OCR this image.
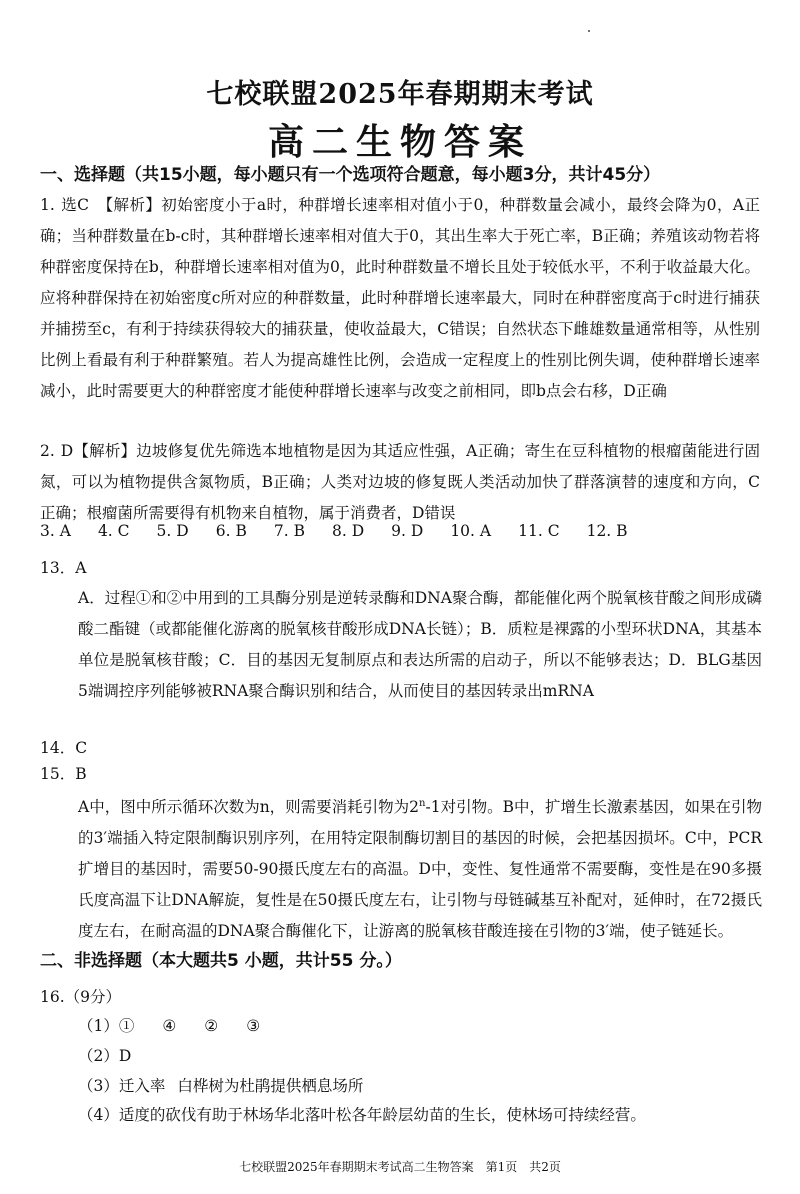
七校联盟2025年春期期末考试
高二生物答案
一、选择题（共15小题，每小题只有一个选项符合题意，每小题3分，共计45分）
1. 选C　【解析】初始密度小于a时，种群增长速率相对值小于0，种群数量会减小，最终会降为0，A正确；当种群数量在b-c时，其种群增长速率相对值大于0，其出生率大于死亡率，B正确；养殖该动物若将种群密度保持在b，种群增长速率相对值为0，此时种群数量不增长且处于较低水平，不利于收益最大化。应将种群保持在初始密度c所对应的种群数量，此时种群增长速率最大，同时在种群密度高于c时进行捕获并捕捞至c，有利于持续获得较大的捕获量，使收益最大，C错误；自然状态下雌雄数量通常相等，从性别比例上看最有利于种群繁殖。若人为提高雄性比例，会造成一定程度上的性别比例失调，使种群增长速率减小，此时需要更大的种群密度才能使种群增长速率与改变之前相同，即b点会右移，D正确
2. D【解析】边坡修复优先筛选本地植物是因为其适应性强，A正确；寄生在豆科植物的根瘤菌能进行固氮，可以为植物提供含氮物质，B正确；人类对边坡的修复既人类活动加快了群落演替的速度和方向，C正确；根瘤菌所需要得有机物来自植物，属于消费者，D错误
3. A 4. C 5. D 6. B 7. B 8. D 9. D 10. A 11. C 12. B
13．A
A．过程①和②中用到的工具酶分别是逆转录酶和DNA聚合酶，都能催化两个脱氧核苷酸之间形成磷酸二酯键（或都能催化游离的脱氧核苷酸形成DNA长链）；B．质粒是裸露的小型环状DNA，其基本单位是脱氧核苷酸；C．目的基因无复制原点和表达所需的启动子，所以不能够表达；D．BLG基因5端调控序列能够被RNA聚合酶识别和结合，从而使目的基因转录出mRNA
14．C
15．B
A中，图中所示循环次数为n，则需要消耗引物为2$^n$-1对引物。B中，扩增生长激素基因，如果在引物的3′端插入特定限制酶识别序列，在用特定限制酶切割目的基因的时候，会把基因损坏。C中，PCR扩增目的基因时，需要50-90摄氏度左右的高温。D中，变性、复性通常不需要酶，变性是在90多摄氏度高温下让DNA解旋，复性是在50摄氏度左右，让引物与母链碱基互补配对，延伸时，在72摄氏度左右，在耐高温的DNA聚合酶催化下，让游离的脱氧核苷酸连接在引物的3′端，使子链延长。
二、非选择题（本大题共5 小题，共计55 分。）
16.（9分）
（1）① ④ ② ③
（2）D
（3）迁入率 白桦树为杜鹃提供栖息场所
（4）适度的砍伐有助于林场华北落叶松各年龄层幼苗的生长，使林场可持续经营。
七校联盟2025年春期期末考试高二生物答案　第1页　共2页
